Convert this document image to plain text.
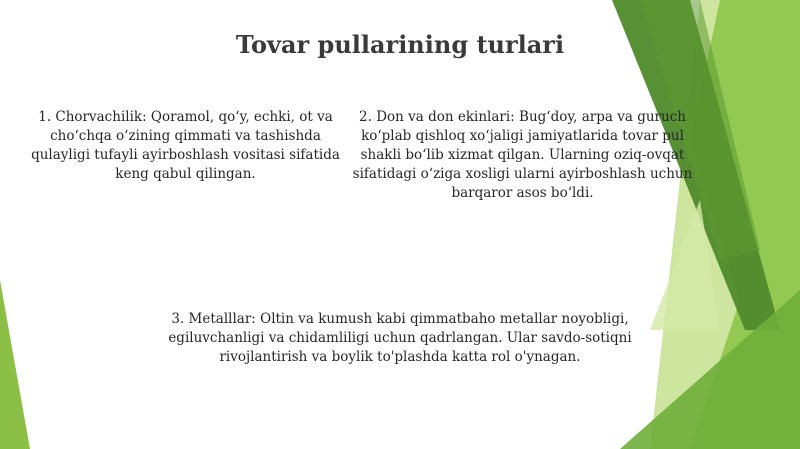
Tovar pullarining turlari

1. Chorvachilik: Qoramol, qo‘y, echki, ot va cho‘chqa o‘zining qimmati va tashishda qulayligi tufayli ayirboshlash vositasi sifatida keng qabul qilingan.

2. Don va don ekinlari: Bug‘doy, arpa va guruch ko‘plab qishloq xo‘jaligi jamiyatlarida tovar pul shakli bo‘lib xizmat qilgan. Ularning oziq-ovqat sifatidagi o‘ziga xosligi ularni ayirboshlash uchun barqaror asos bo‘ldi.

3. Metalllar: Oltin va kumush kabi qimmatbaho metallar noyobligi, egiluvchanligi va chidamliligi uchun qadrlangan. Ular savdo-sotiqni rivojlantirish va boylik to'plashda katta rol o'ynagan.
